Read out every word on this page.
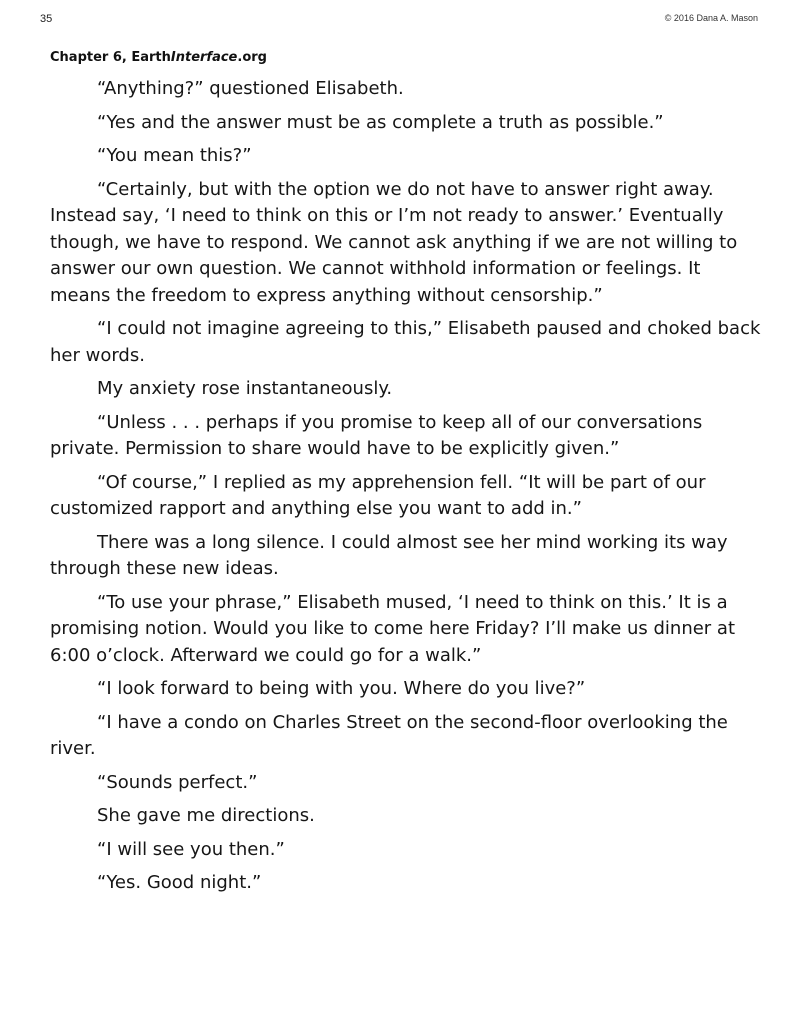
35	© 2016 Dana A. Mason
Chapter 6, EarthInterface.org

“Anything?” questioned Elisabeth.

“Yes and the answer must be as complete a truth as possible.”

“You mean this?”

“Certainly, but with the option we do not have to answer right away. Instead say, ‘I need to think on this or I’m not ready to answer.’ Eventually though, we have to respond. We cannot ask anything if we are not willing to answer our own question. We cannot withhold information or feelings. It means the freedom to express anything without censorship.”

“I could not imagine agreeing to this,” Elisabeth paused and choked back her words.

My anxiety rose instantaneously.

“Unless . . . perhaps if you promise to keep all of our conversations private. Permission to share would have to be explicitly given.”

“Of course,” I replied as my apprehension fell. “It will be part of our customized rapport and anything else you want to add in.”

There was a long silence. I could almost see her mind working its way through these new ideas.

“To use your phrase,” Elisabeth mused, ‘I need to think on this.’ It is a promising notion. Would you like to come here Friday? I’ll make us dinner at 6:00 o’clock. Afterward we could go for a walk.”

“I look forward to being with you. Where do you live?”

“I have a condo on Charles Street on the second-floor overlooking the river.

“Sounds perfect.”

She gave me directions.

“I will see you then.”

“Yes. Good night.”
